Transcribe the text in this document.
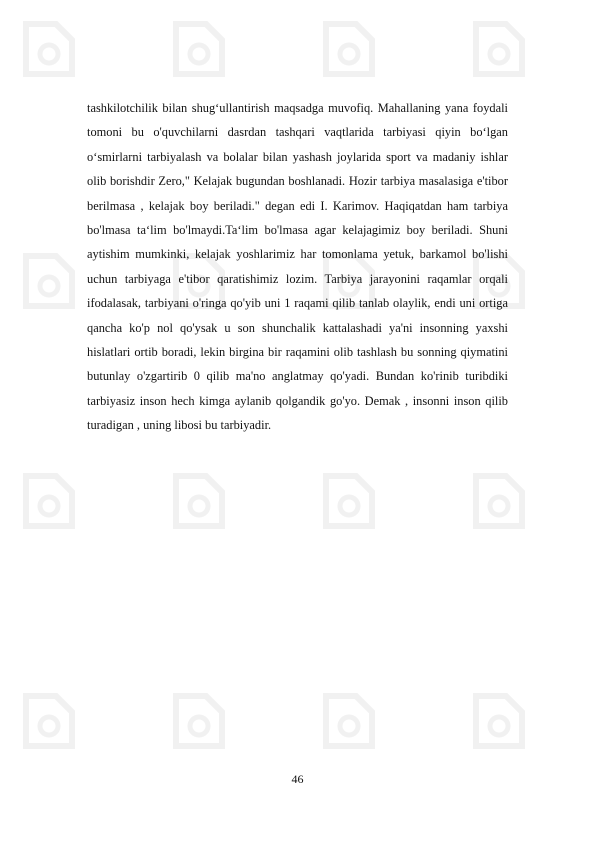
tashkilotchilik bilan shug‘ullantirish maqsadga muvofiq. Mahallaning yana foydali tomoni bu o'quvchilarni dasrdan tashqari vaqtlarida tarbiyasi qiyin bo‘lgan o‘smirlarni tarbiyalash va bolalar bilan yashash joylarida sport va madaniy ishlar olib borishdir Zero," Kelajak bugundan boshlanadi. Hozir tarbiya masalasiga e'tibor berilmasa , kelajak boy beriladi." degan edi I. Karimov. Haqiqatdan ham tarbiya bo'lmasa ta‘lim bo'lmaydi.Ta‘lim bo'lmasa agar kelajagimiz boy beriladi. Shuni aytishim mumkinki, kelajak yoshlarimiz har tomonlama yetuk, barkamol bo'lishi uchun tarbiyaga e'tibor qaratishimiz lozim. Tarbiya jarayonini raqamlar orqali ifodalasak, tarbiyani o'ringa qo'yib uni 1 raqami qilib tanlab olaylik, endi uni ortiga qancha ko'p nol qo'ysak u son shunchalik kattalashadi ya'ni insonning yaxshi hislatlari ortib boradi, lekin birgina bir raqamini olib tashlash bu sonning qiymatini butunlay o'zgartirib 0 qilib ma'no anglatmay qo'yadi. Bundan ko'rinib turibdiki tarbiyasiz inson hech kimga aylanib qolgandik go'yo. Demak , insonni inson qilib turadigan , uning libosi bu tarbiyadir.

46
